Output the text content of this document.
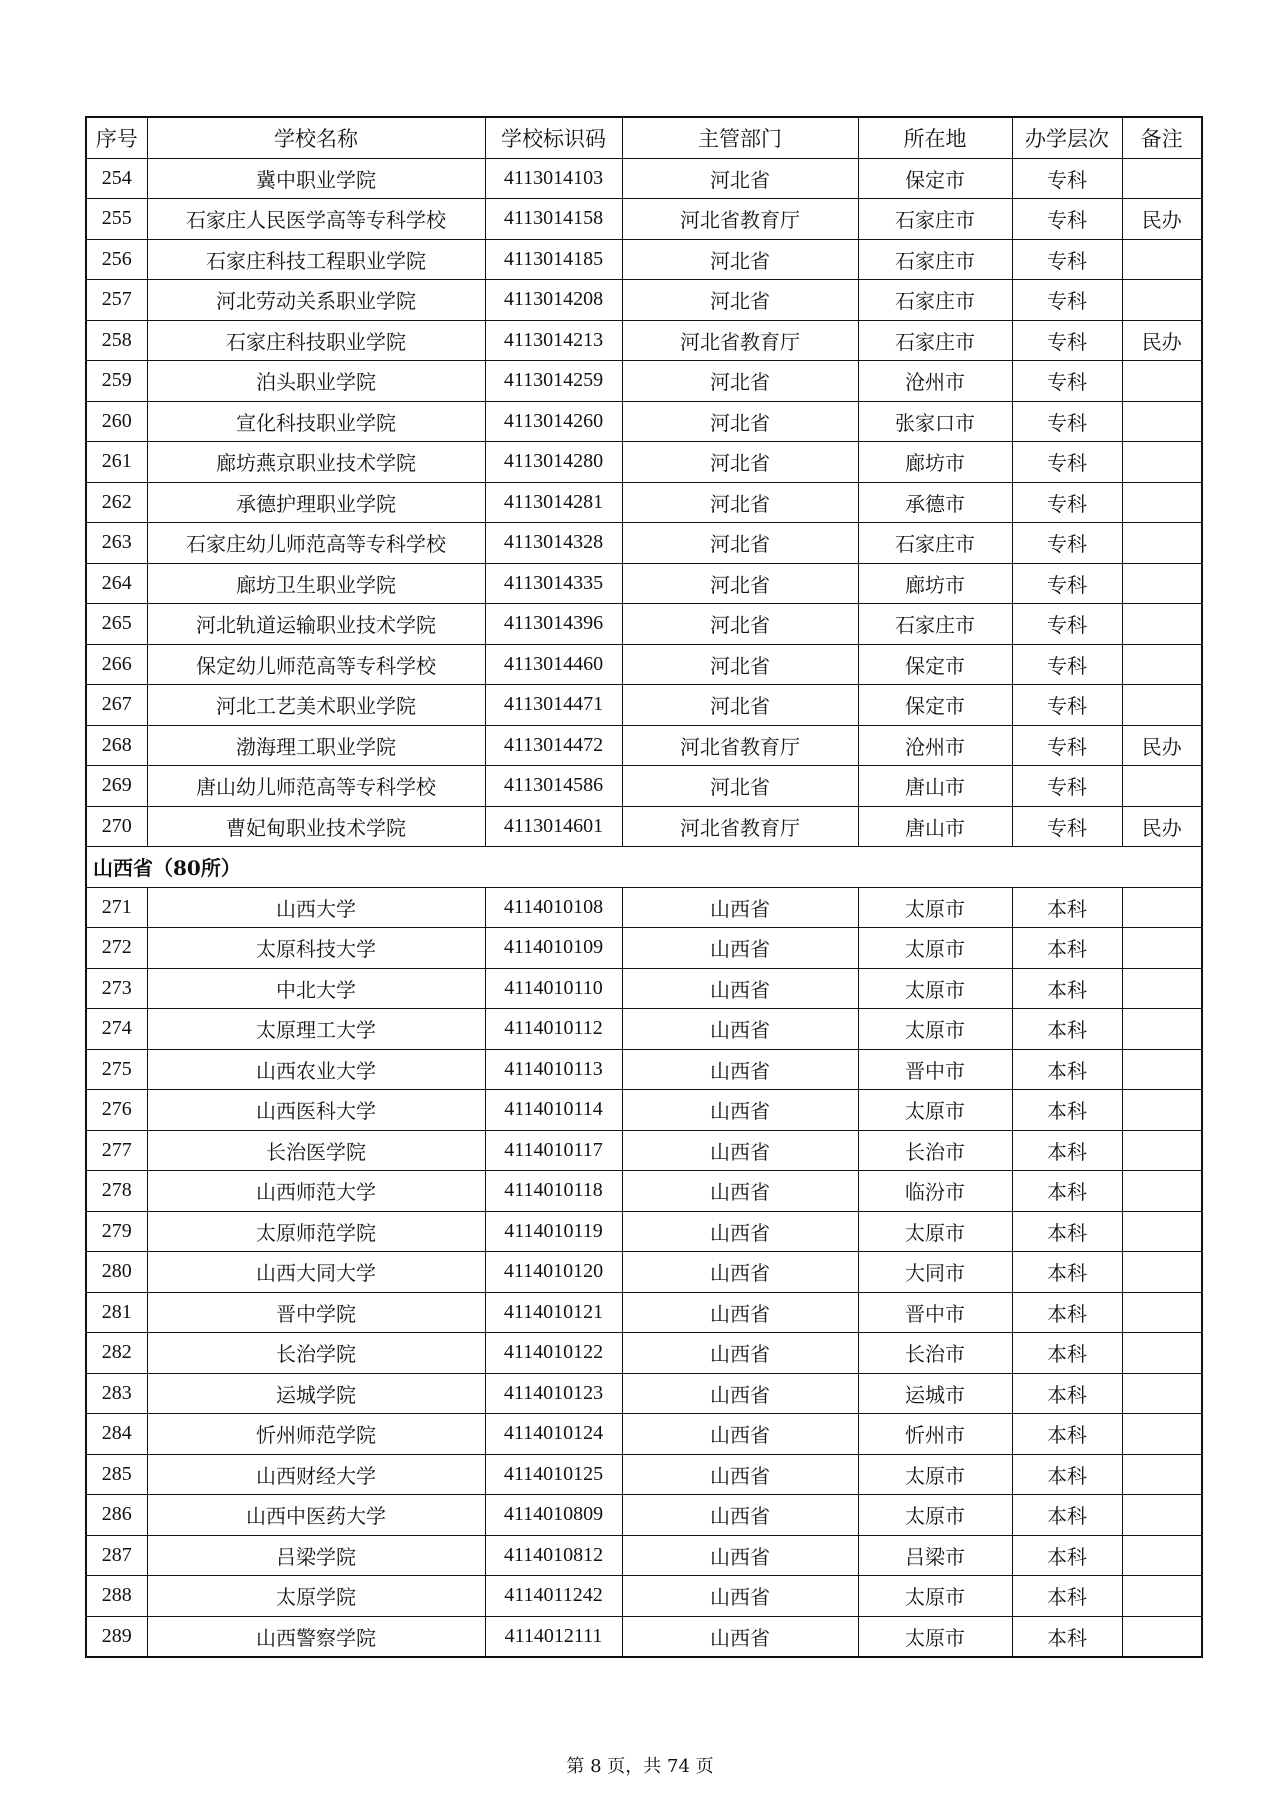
序号	学校名称	学校标识码	主管部门	所在地	办学层次	备注
254	冀中职业学院	4113014103	河北省	保定市	专科	
255	石家庄人民医学高等专科学校	4113014158	河北省教育厅	石家庄市	专科	民办
256	石家庄科技工程职业学院	4113014185	河北省	石家庄市	专科	
257	河北劳动关系职业学院	4113014208	河北省	石家庄市	专科	
258	石家庄科技职业学院	4113014213	河北省教育厅	石家庄市	专科	民办
259	泊头职业学院	4113014259	河北省	沧州市	专科	
260	宣化科技职业学院	4113014260	河北省	张家口市	专科	
261	廊坊燕京职业技术学院	4113014280	河北省	廊坊市	专科	
262	承德护理职业学院	4113014281	河北省	承德市	专科	
263	石家庄幼儿师范高等专科学校	4113014328	河北省	石家庄市	专科	
264	廊坊卫生职业学院	4113014335	河北省	廊坊市	专科	
265	河北轨道运输职业技术学院	4113014396	河北省	石家庄市	专科	
266	保定幼儿师范高等专科学校	4113014460	河北省	保定市	专科	
267	河北工艺美术职业学院	4113014471	河北省	保定市	专科	
268	渤海理工职业学院	4113014472	河北省教育厅	沧州市	专科	民办
269	唐山幼儿师范高等专科学校	4113014586	河北省	唐山市	专科	
270	曹妃甸职业技术学院	4113014601	河北省教育厅	唐山市	专科	民办
山西省（80所）						
271	山西大学	4114010108	山西省	太原市	本科	
272	太原科技大学	4114010109	山西省	太原市	本科	
273	中北大学	4114010110	山西省	太原市	本科	
274	太原理工大学	4114010112	山西省	太原市	本科	
275	山西农业大学	4114010113	山西省	晋中市	本科	
276	山西医科大学	4114010114	山西省	太原市	本科	
277	长治医学院	4114010117	山西省	长治市	本科	
278	山西师范大学	4114010118	山西省	临汾市	本科	
279	太原师范学院	4114010119	山西省	太原市	本科	
280	山西大同大学	4114010120	山西省	大同市	本科	
281	晋中学院	4114010121	山西省	晋中市	本科	
282	长治学院	4114010122	山西省	长治市	本科	
283	运城学院	4114010123	山西省	运城市	本科	
284	忻州师范学院	4114010124	山西省	忻州市	本科	
285	山西财经大学	4114010125	山西省	太原市	本科	
286	山西中医药大学	4114010809	山西省	太原市	本科	
287	吕梁学院	4114010812	山西省	吕梁市	本科	
288	太原学院	4114011242	山西省	太原市	本科	
289	山西警察学院	4114012111	山西省	太原市	本科	
第 8 页，共 74 页
